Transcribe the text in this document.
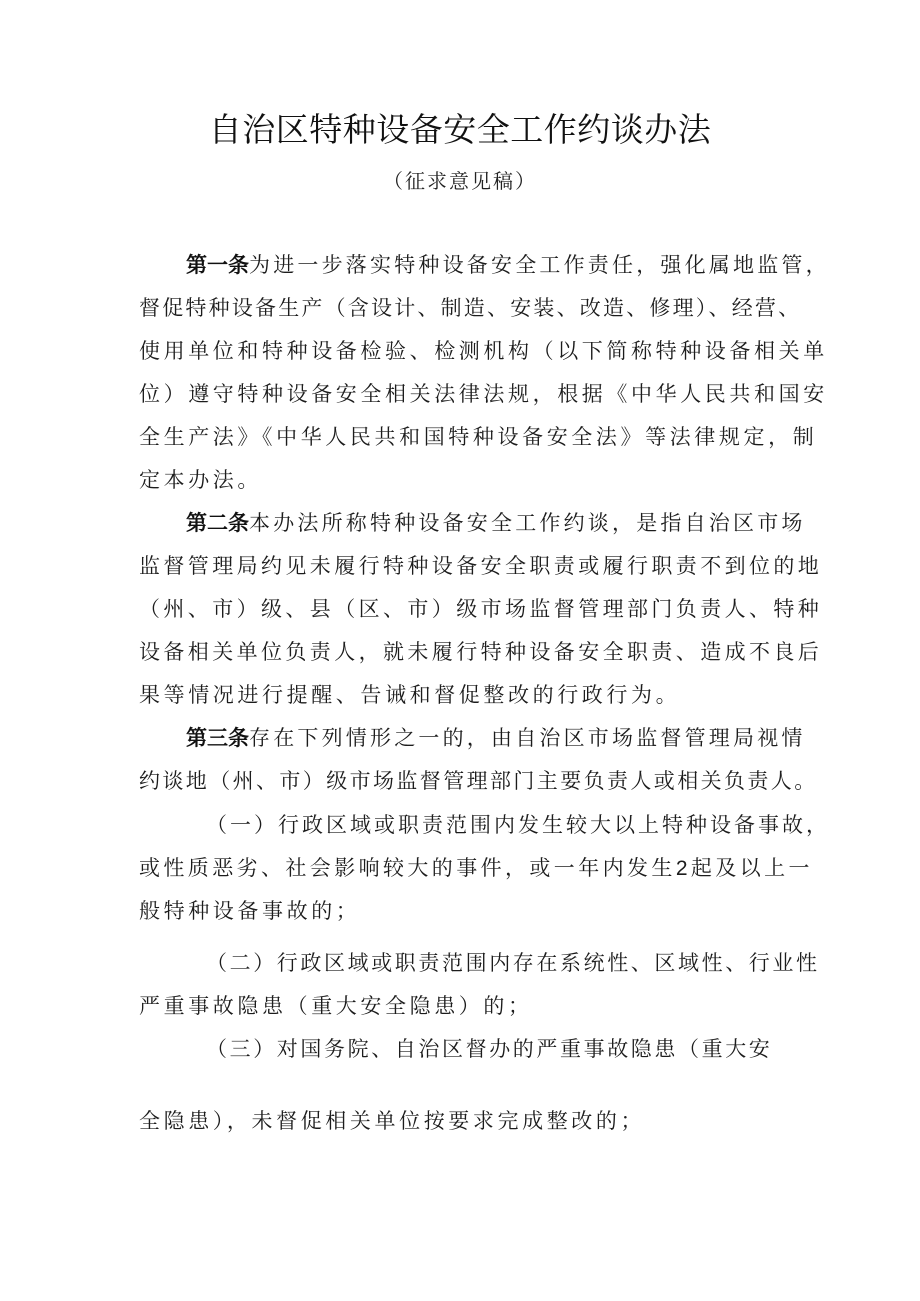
自治区特种设备安全工作约谈办法
（征求意见稿）
第一条为进一步落实特种设备安全工作责任，强化属地监管，
督促特种设备生产（含设计、制造、安装、改造、修理）、经营、
使用单位和特种设备检验、检测机构（以下简称特种设备相关单
位）遵守特种设备安全相关法律法规，根据《中华人民共和国安
全生产法》《中华人民共和国特种设备安全法》等法律规定，制
定本办法。
第二条本办法所称特种设备安全工作约谈，是指自治区市场
监督管理局约见未履行特种设备安全职责或履行职责不到位的地
（州、市）级、县（区、市）级市场监督管理部门负责人、特种
设备相关单位负责人，就未履行特种设备安全职责、造成不良后
果等情况进行提醒、告诫和督促整改的行政行为。
第三条存在下列情形之一的，由自治区市场监督管理局视情
约谈地（州、市）级市场监督管理部门主要负责人或相关负责人。
（一）行政区域或职责范围内发生较大以上特种设备事故，
或性质恶劣、社会影响较大的事件，或一年内发生2起及以上一
般特种设备事故的；
（二）行政区域或职责范围内存在系统性、区域性、行业性
严重事故隐患（重大安全隐患）的；
（三）对国务院、自治区督办的严重事故隐患（重大安
全隐患），未督促相关单位按要求完成整改的；
